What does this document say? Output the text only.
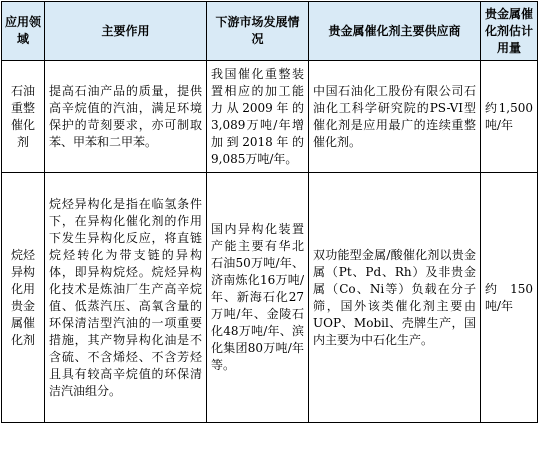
应用领域	主要作用	下游市场发展情况	贵金属催化剂主要供应商	贵金属催化剂估计用量
石油重整催化剂	提高石油产品的质量，提供高辛烷值的汽油，满足环境保护的苛刻要求，亦可制取苯、甲苯和二甲苯。	我国催化重整装置相应的加工能力从2009年的3,089万吨/年增加到2018年的9,085万吨/年。	中国石油化工股份有限公司石油化工科学研究院的PS-VI型催化剂是应用最广的连续重整催化剂。	约1,500吨/年
烷烃异构化用贵金属催化剂	烷烃异构化是指在临氢条件下，在异构化催化剂的作用下发生异构化反应，将直链烷烃转化为带支链的异构体，即异构烷烃。烷烃异构化技术是炼油厂生产高辛烷值、低蒸汽压、高氧含量的环保清洁型汽油的一项重要措施，其产物异构化油是不含硫、不含烯烃、不含芳烃且具有较高辛烷值的环保清洁汽油组分。	国内异构化装置产能主要有华北石油50万吨/年、济南炼化16万吨/年、新海石化27万吨/年、金陵石化48万吨/年、滨化集团80万吨/年等。	双功能型金属/酸催化剂以贵金属（Pt、Pd、Rh）及非贵金属（Co、Ni等）负载在分子筛，国外该类催化剂主要由UOP、Mobil、壳牌生产，国内主要为中石化生产。	约 150吨/年
